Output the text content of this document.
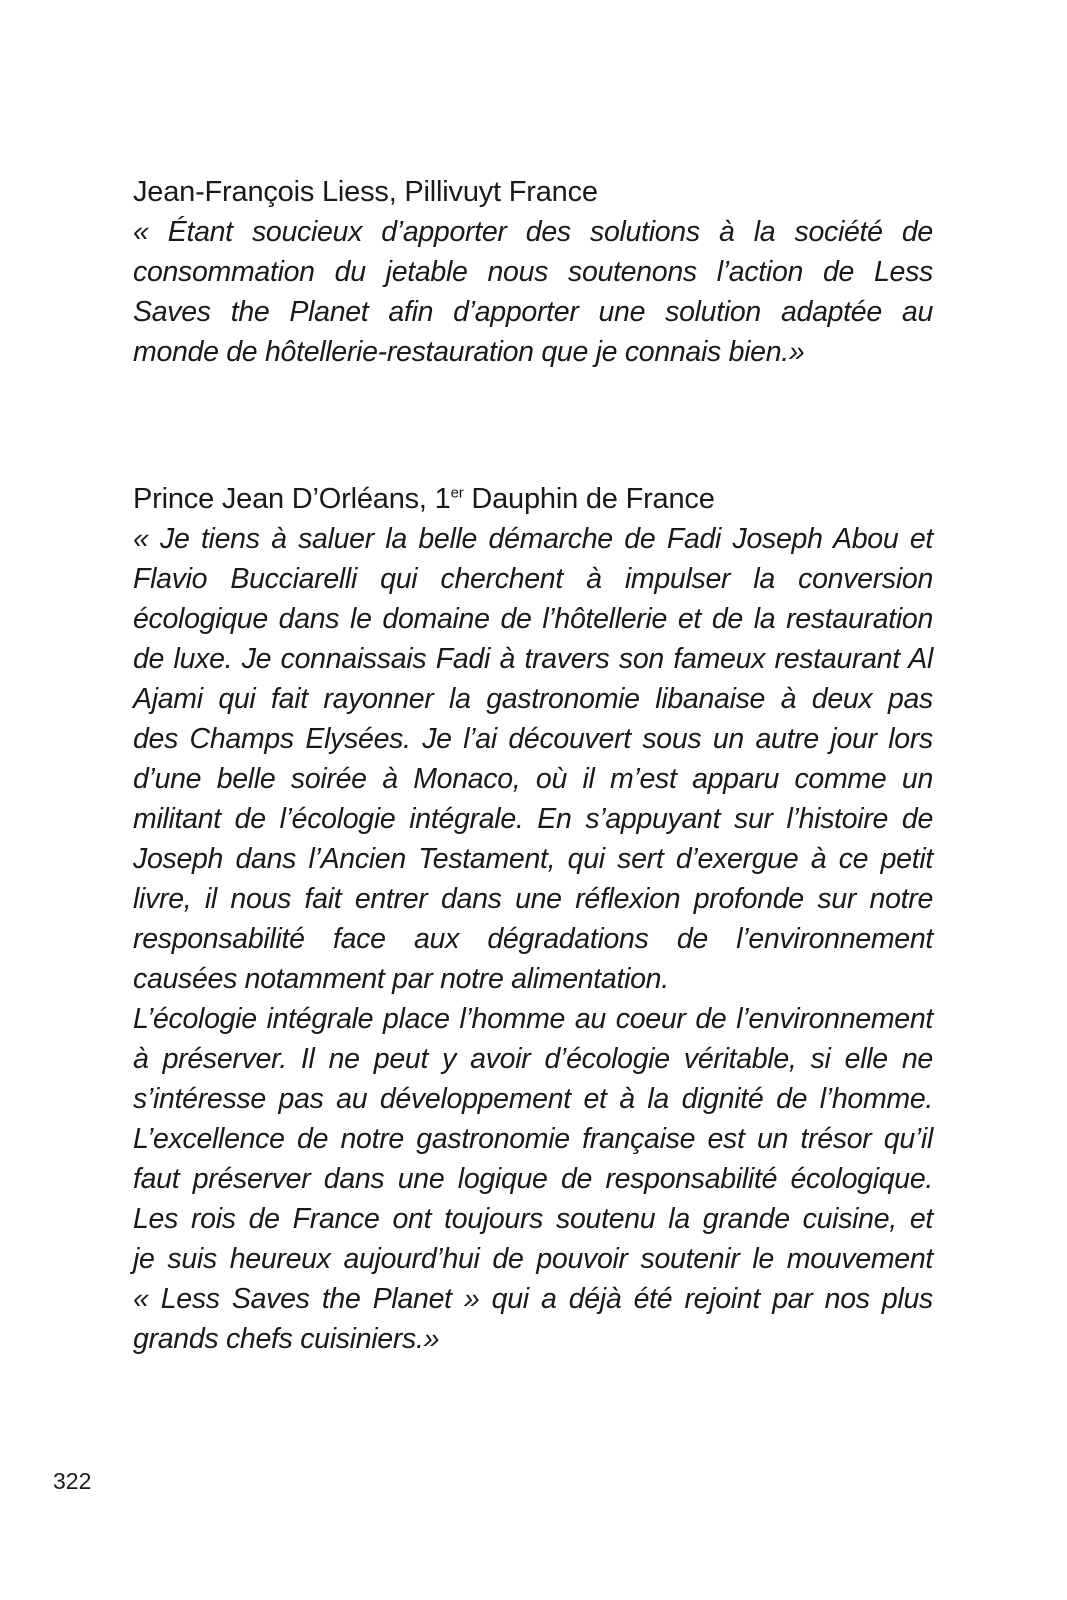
Jean-François Liess, Pillivuyt France

« Étant soucieux d’apporter des solutions à la société de
consommation du jetable nous soutenons l’action de Less
Saves the Planet afin d’apporter une solution adaptée au
monde de hôtellerie-restauration que je connais bien.»

Prince Jean D’Orléans, 1er Dauphin de France

« Je tiens à saluer la belle démarche de Fadi Joseph Abou et
Flavio Bucciarelli qui cherchent à impulser la conversion
écologique dans le domaine de l’hôtellerie et de la restauration
de luxe. Je connaissais Fadi à travers son fameux restaurant Al
Ajami qui fait rayonner la gastronomie libanaise à deux pas
des Champs Elysées. Je l’ai découvert sous un autre jour lors
d’une belle soirée à Monaco, où il m’est apparu comme un
militant de l’écologie intégrale. En s’appuyant sur l’histoire de
Joseph dans l’Ancien Testament, qui sert d’exergue à ce petit
livre, il nous fait entrer dans une réflexion profonde sur notre
responsabilité face aux dégradations de l’environnement
causées notamment par notre alimentation.
L’écologie intégrale place l’homme au coeur de l’environnement
à préserver. Il ne peut y avoir d’écologie véritable, si elle ne
s’intéresse pas au développement et à la dignité de l’homme.
L’excellence de notre gastronomie française est un trésor qu’il
faut préserver dans une logique de responsabilité écologique.
Les rois de France ont toujours soutenu la grande cuisine, et
je suis heureux aujourd’hui de pouvoir soutenir le mouvement
« Less Saves the Planet » qui a déjà été rejoint par nos plus
grands chefs cuisiniers.»

322
